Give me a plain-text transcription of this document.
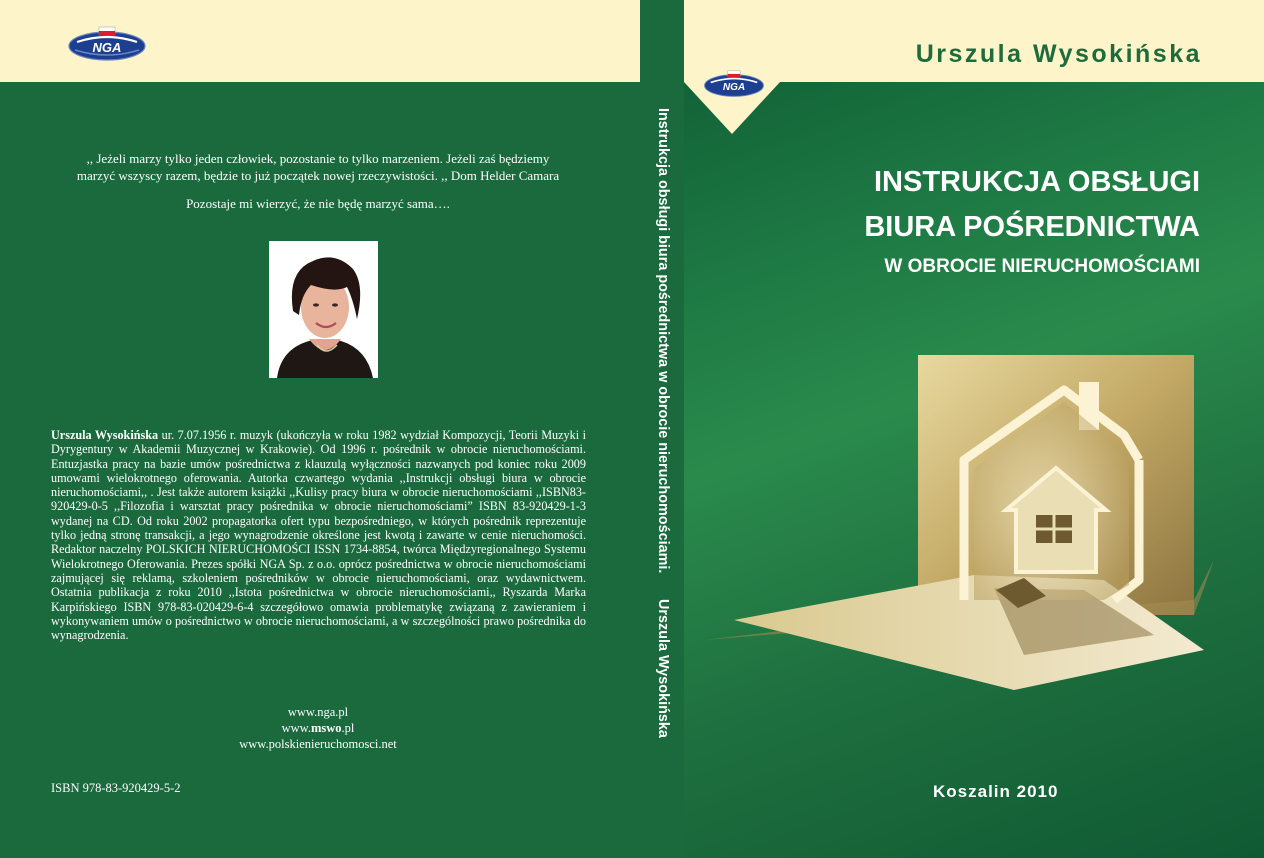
NGA
,, Jeżeli marzy tylko jeden człowiek, pozostanie to tylko marzeniem. Jeżeli zaś będziemy
marzyć wszyscy razem, będzie to już początek nowej rzeczywistości. ,, Dom Helder Camara
Pozostaje mi wierzyć, że nie będę marzyć sama….
Urszula Wysokińska ur. 7.07.1956 r. muzyk (ukończyła w roku 1982 wydział Kompozycji, Teorii Muzyki i Dyrygentury w Akademii Muzycznej w Krakowie). Od 1996 r. pośrednik w obrocie nieruchomościami. Entuzjastka pracy na bazie umów pośrednictwa z klauzulą wyłączności nazwanych pod koniec roku 2009 umowami wielokrotnego oferowania. Autorka czwartego wydania ,,Instrukcji obsługi biura w obrocie nieruchomościami,, . Jest także autorem książki ,,Kulisy pracy biura w obrocie nieruchomościami ,,ISBN83-920429-0-5 ,,Filozofia i warsztat pracy pośrednika w obrocie nieruchomościami” ISBN 83-920429-1-3 wydanej na CD. Od roku 2002 propagatorka ofert typu bezpośredniego, w których pośrednik reprezentuje tylko jedną stronę transakcji, a jego wynagrodzenie określone jest kwotą i zawarte w cenie nieruchomości. Redaktor naczelny POLSKICH NIERUCHOMOŚCI ISSN 1734-8854, twórca Międzyregionalnego Systemu Wielokrotnego Oferowania. Prezes spółki NGA Sp. z o.o. oprócz pośrednictwa w obrocie nieruchomościami zajmującej się reklamą, szkoleniem pośredników w obrocie nieruchomościami, oraz wydawnictwem. Ostatnia publikacja z roku 2010 ,,Istota pośrednictwa w obrocie nieruchomościami,, Ryszarda Marka Karpińskiego ISBN 978-83-020429-6-4 szczegółowo omawia problematykę związaną z zawieraniem i wykonywaniem umów o pośrednictwo w obrocie nieruchomościami, a w szczególności prawo pośrednika do wynagrodzenia.
www.nga.pl
www.mswo.pl
www.polskienieruchomosci.net
ISBN 978-83-920429-5-2
Instrukcja obsługi biura pośrednictwa w obrocie nieruchomościami.Urszula Wysokińska
NGA
Urszula Wysokińska
INSTRUKCJA OBSŁUGI
BIURA POŚREDNICTWA
W OBROCIE NIERUCHOMOŚCIAMI
Koszalin 2010
